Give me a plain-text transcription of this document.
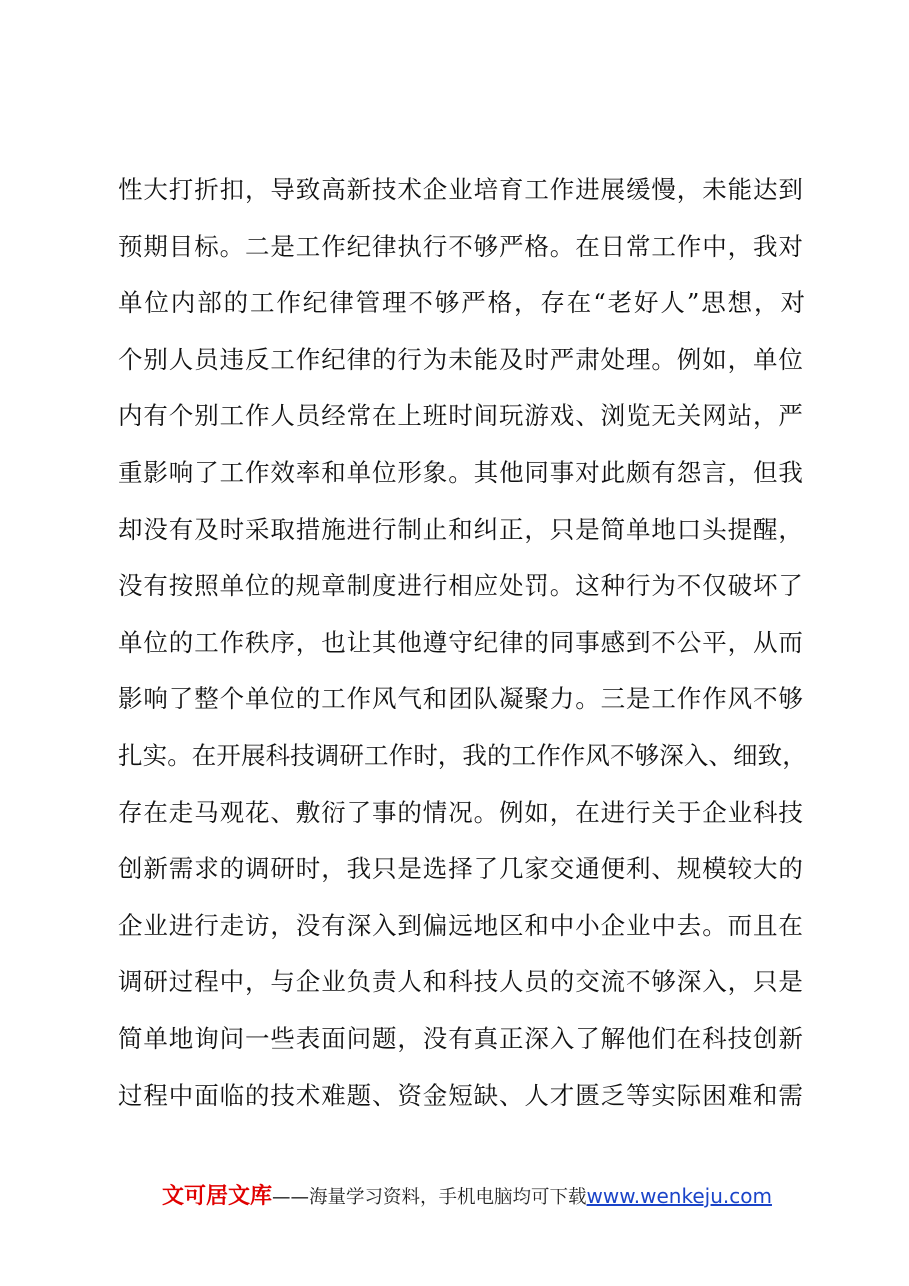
性大打折扣，导致高新技术企业培育工作进展缓慢，未能达到
预期目标。二是工作纪律执行不够严格。在日常工作中，我对
单位内部的工作纪律管理不够严格，存在“老好人”思想，对
个别人员违反工作纪律的行为未能及时严肃处理。例如，单位
内有个别工作人员经常在上班时间玩游戏、浏览无关网站，严
重影响了工作效率和单位形象。其他同事对此颇有怨言，但我
却没有及时采取措施进行制止和纠正，只是简单地口头提醒，
没有按照单位的规章制度进行相应处罚。这种行为不仅破坏了
单位的工作秩序，也让其他遵守纪律的同事感到不公平，从而
影响了整个单位的工作风气和团队凝聚力。三是工作作风不够
扎实。在开展科技调研工作时，我的工作作风不够深入、细致，
存在走马观花、敷衍了事的情况。例如，在进行关于企业科技
创新需求的调研时，我只是选择了几家交通便利、规模较大的
企业进行走访，没有深入到偏远地区和中小企业中去。而且在
调研过程中，与企业负责人和科技人员的交流不够深入，只是
简单地询问一些表面问题，没有真正深入了解他们在科技创新
过程中面临的技术难题、资金短缺、人才匮乏等实际困难和需
文可居文库——海量学习资料，手机电脑均可下载www.wenkeju.com
